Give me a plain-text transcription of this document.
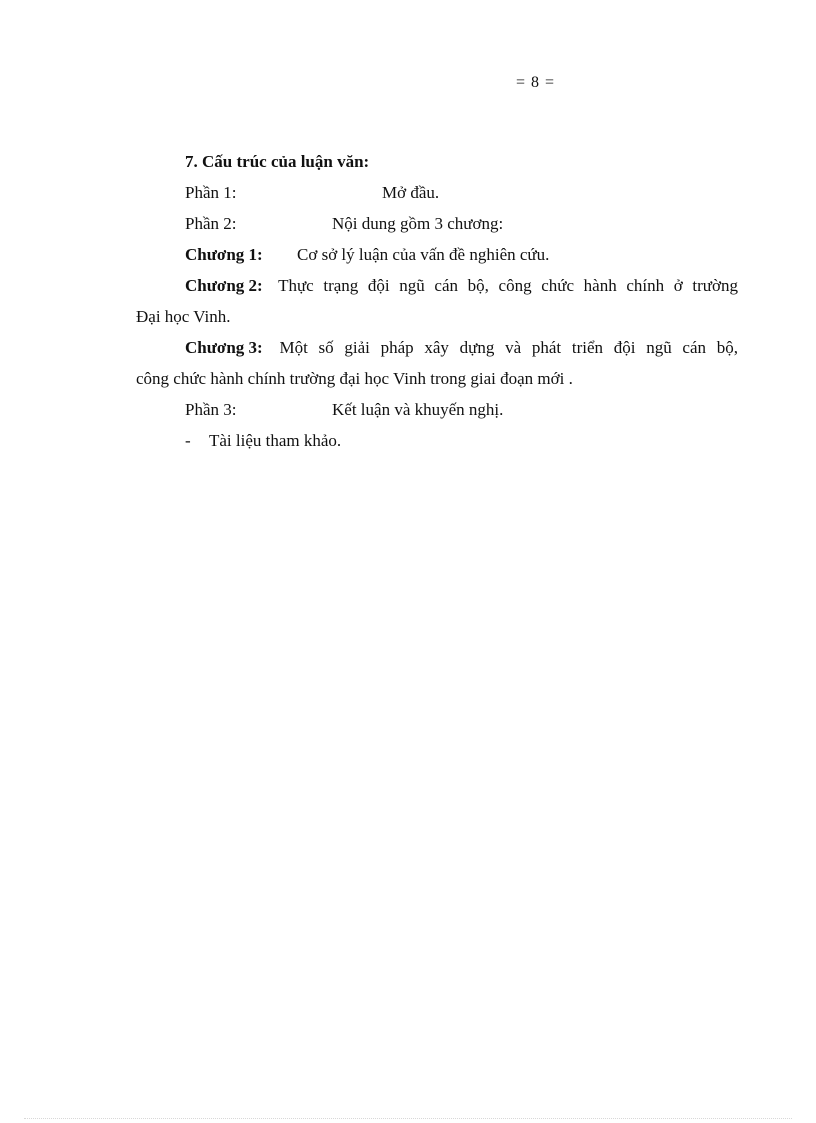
= 8 =
7. Cấu trúc của luận văn:
Phần 1:	Mở đầu.
Phần 2:	Nội dung gồm 3 chương:
Chương 1: Cơ sở lý luận của vấn đề nghiên cứu.
Chương 2: Thực trạng đội ngũ cán bộ, công chức hành chính ở trường
Đại học Vinh.
Chương 3: Một số giải pháp xây dựng và phát triển đội ngũ cán bộ,
công chức hành chính trường đại học Vinh trong giai đoạn mới .
Phần 3:	Kết luận và khuyến nghị.
- Tài liệu tham khảo.
